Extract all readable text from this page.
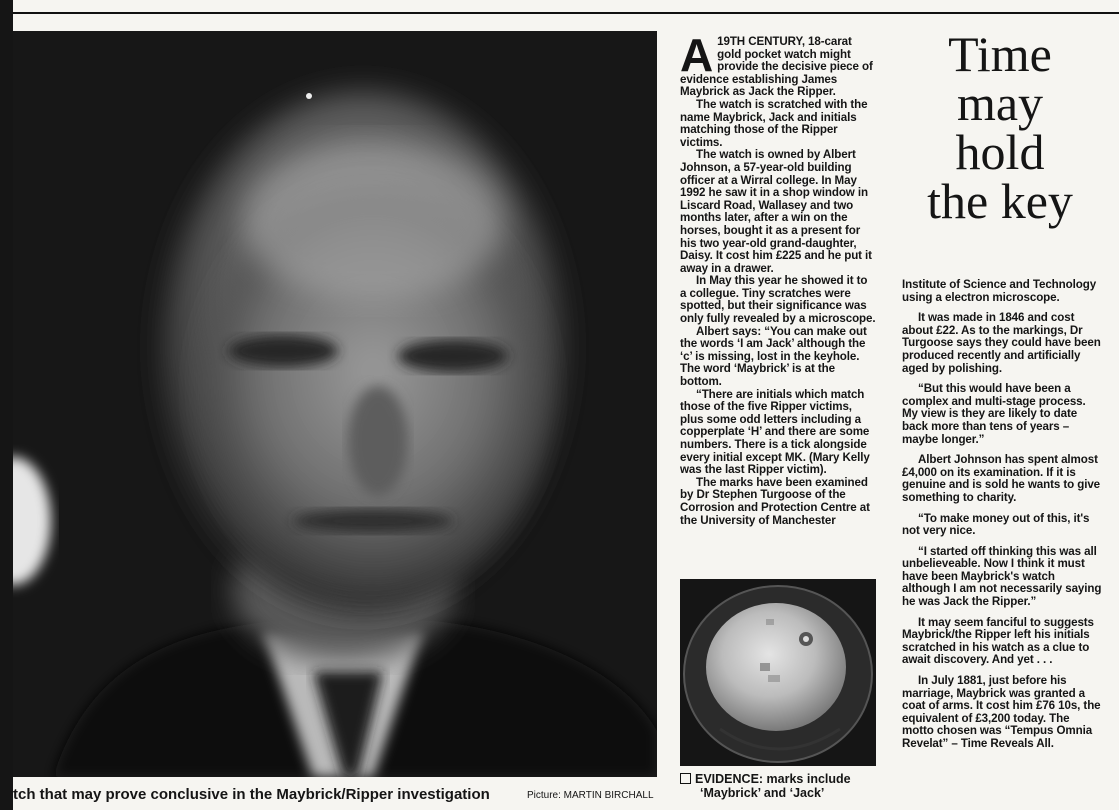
tch that may prove conclusive in the Maybrick/Ripper investigation	Picture: MARTIN BIRCHALL

A 19TH CENTURY, 18-carat gold pocket watch might provide the decisive piece of evidence establishing James Maybrick as Jack the Ripper.

The watch is scratched with the name Maybrick, Jack and initials matching those of the Ripper victims.

The watch is owned by Albert Johnson, a 57-year-old building officer at a Wirral college. In May 1992 he saw it in a shop window in Liscard Road, Wallasey and two months later, after a win on the horses, bought it as a present for his two year-old grand-daughter, Daisy. It cost him £225 and he put it away in a drawer.

In May this year he showed it to a collegue. Tiny scratches were spotted, but their significance was only fully revealed by a microscope.

Albert says: “You can make out the words ‘I am Jack’ although the ‘c’ is missing, lost in the keyhole. The word ‘Maybrick’ is at the bottom.

“There are initials which match those of the five Ripper victims, plus some odd letters including a copperplate ‘H’ and there are some numbers. There is a tick alongside every initial except MK. (Mary Kelly was the last Ripper victim).

The marks have been examined by Dr Stephen Turgoose of the Corrosion and Protection Centre at the University of Manchester

Time
may
hold
the key

Institute of Science and Technology using a electron microscope.

It was made in 1846 and cost about £22. As to the markings, Dr Turgoose says they could have been produced recently and artificially aged by polishing.

“But this would have been a complex and multi-stage process. My view is they are likely to date back more than tens of years – maybe longer.”

Albert Johnson has spent almost £4,000 on its examination. If it is genuine and is sold he wants to give something to charity.

“To make money out of this, it's not very nice.

“I started off thinking this was all unbelieveable. Now I think it must have been Maybrick's watch although I am not necessarily saying he was Jack the Ripper.”

It may seem fanciful to suggests Maybrick/the Ripper left his initials scratched in his watch as a clue to await discovery. And yet . . .

In July 1881, just before his marriage, Maybrick was granted a coat of arms. It cost him £76 10s, the equivalent of £3,200 today. The motto chosen was “Tempus Omnia Revelat” – Time Reveals All.

EVIDENCE: marks include
‘Maybrick’ and ‘Jack’
